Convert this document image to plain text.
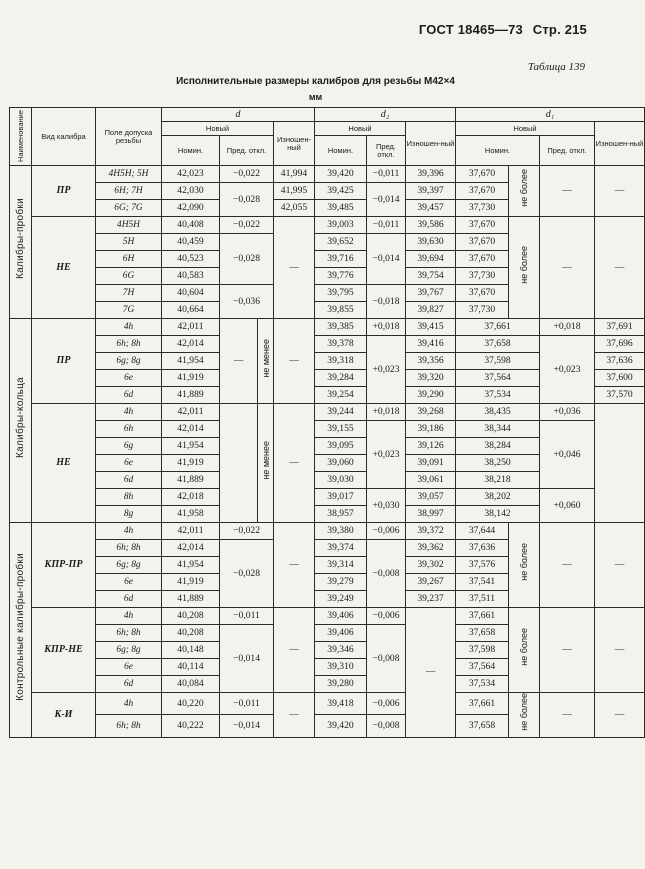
ГОСТ 18465—73 Стр. 215
Таблица 139
Исполнительные размеры калибров для резьбы М42×4
мм
Наименование	Вид калибра	Поле допуска резьбы	d				d₂			d₁			
			Новый			Изношен-ный	Новый		Изношен-ный	Новый			Изношен-ный
			Номин.	Пред. откл.			Номин.	Пред. откл.		Номин.		Пред. откл.	
Калибры-пробки	ПР	4H5H; 5H	42,023	−0,022		41,994	39,420	−0,011	39,396	37,670	не более	—	—
		6H; 7H	42,030	−0,028		41,995	39,425	−0,014	39,397	37,670			
		6G; 7G	42,090			42,055	39,485		39,457	37,730			
	НЕ	4H5H	40,408	−0,022		—	39,003	−0,011	39,586	37,670	не более	—	—
		5H	40,459	−0,028			39,652	−0,014	39,630	37,670			
		6H	40,523				39,716		39,694	37,670			
		6G	40,583				39,776		39,754	37,730			
		7H	40,604	−0,036			39,795	−0,018	39,767	37,670			
		7G	40,664				39,855		39,827	37,730			
Калибры-кольца	ПР	4h	42,011	—	не менее	—	39,385	+0,018	39,415	37,661		+0,018	37,691
		6h; 8h	42,014				39,378	+0,023	39,416	37,658		+0,023	37,696
		6g; 8g	41,954				39,318		39,356	37,598			37,636
		6e	41,919				39,284		39,320	37,564			37,600
		6d	41,889				39,254		39,290	37,534			37,570
	НЕ	4h	42,011		не менее	—	39,244	+0,018	39,268	38,435		+0,036	
		6h	42,014				39,155	+0,023	39,186	38,344		+0,046	
		6g	41,954				39,095		39,126	38,284			
		6e	41,919				39,060		39,091	38,250			
		6d	41,889				39,030		39,061	38,218			
		8h	42,018				39,017	+0,030	39,057	38,202		+0,060	
		8g	41,958				38,957		38,997	38,142			
Контрольные калибры-пробки	КПР-ПР	4h	42,011	−0,022		—	39,380	−0,006	39,372	37,644	не более	—	—
		6h; 8h	42,014	−0,028			39,374	−0,008	39,362	37,636			
		6g; 8g	41,954				39,314		39,302	37,576			
		6e	41,919				39,279		39,267	37,541			
		6d	41,889				39,249		39,237	37,511			
	КПР-НЕ	4h	40,208	−0,011		—	39,406	−0,006	—	37,661	не более	—	—
		6h; 8h	40,208	−0,014			39,406	−0,008		37,658			
		6g; 8g	40,148				39,346			37,598			
		6e	40,114				39,310			37,564			
		6d	40,084				39,280			37,534			
	К-И	4h	40,220	−0,011		—	39,418	−0,006		37,661	не более	—	—
		6h; 8h	40,222	−0,014			39,420	−0,008		37,658			
